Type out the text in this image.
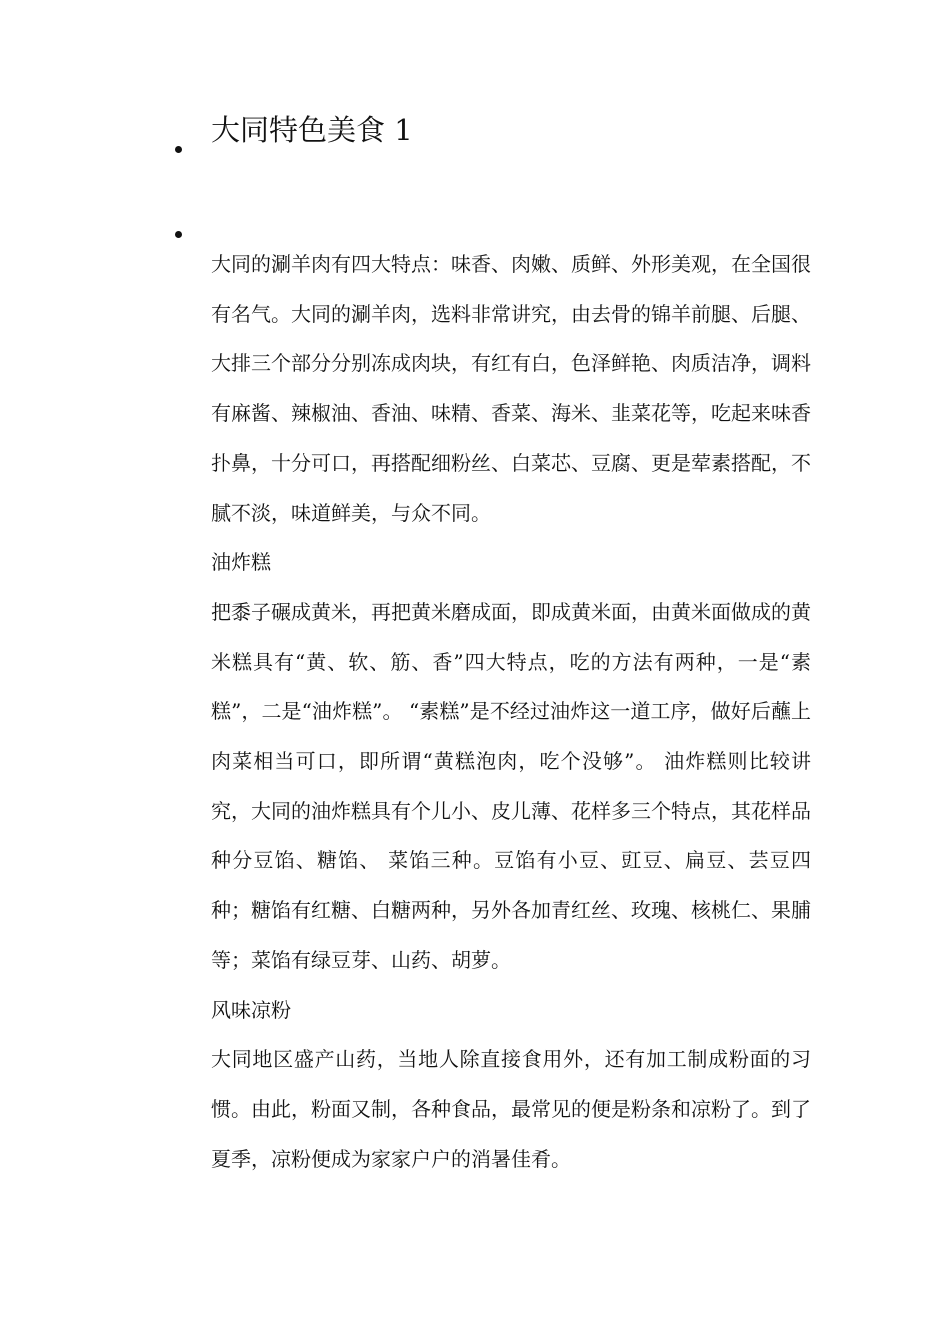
大同特色美食 1

大同的涮羊肉有四大特点：味香、肉嫩、质鲜、外形美观，在全国很有名气。大同的涮羊肉，选料非常讲究，由去骨的锦羊前腿、后腿、大排三个部分分别冻成肉块，有红有白，色泽鲜艳、肉质洁净，调料有麻酱、辣椒油、香油、味精、香菜、海米、韭菜花等，吃起来味香扑鼻，十分可口，再搭配细粉丝、白菜芯、豆腐、更是荤素搭配，不腻不淡，味道鲜美，与众不同。

油炸糕

把黍子碾成黄米，再把黄米磨成面，即成黄米面，由黄米面做成的黄米糕具有“黄、软、筋、香”四大特点，吃的方法有两种，一是“素糕”，二是“油炸糕”。 “素糕”是不经过油炸这一道工序，做好后蘸上肉菜相当可口，即所谓“黄糕泡肉，吃个没够”。 油炸糕则比较讲究，大同的油炸糕具有个儿小、皮儿薄、花样多三个特点，其花样品种分豆馅、糖馅、 菜馅三种。豆馅有小豆、豇豆、扁豆、芸豆四种；糖馅有红糖、白糖两种，另外各加青红丝、玫瑰、核桃仁、果脯等；菜馅有绿豆芽、山药、胡萝。

风味凉粉

大同地区盛产山药，当地人除直接食用外，还有加工制成粉面的习惯。由此，粉面又制，各种食品，最常见的便是粉条和凉粉了。到了夏季，凉粉便成为家家户户的消暑佳肴。
